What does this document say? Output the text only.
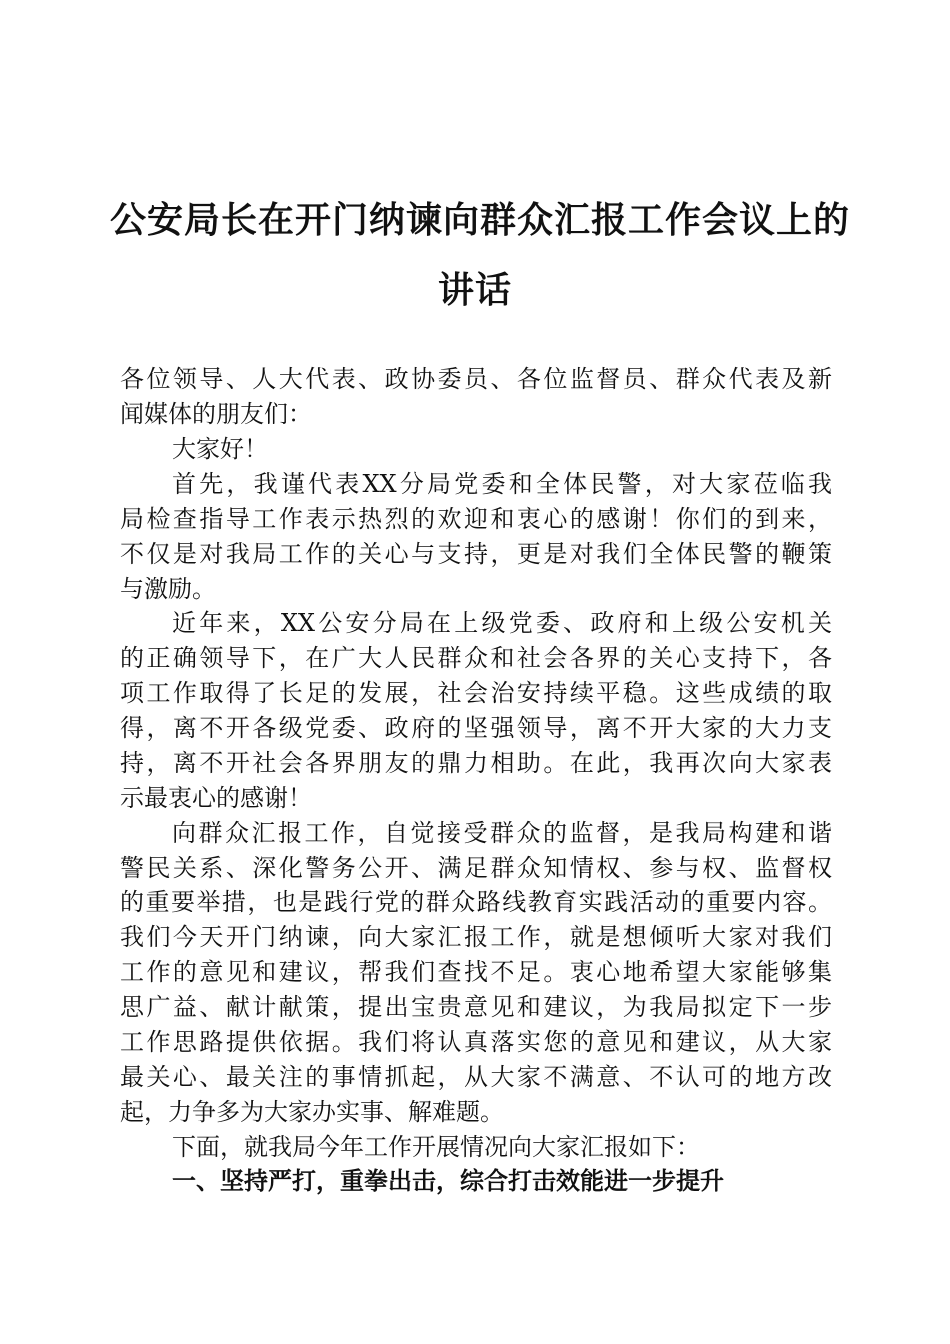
公安局长在开门纳谏向群众汇报工作会议上的
讲话
各位领导、人大代表、政协委员、各位监督员、群众代表及新
闻媒体的朋友们：
大家好！
首先，我谨代表XX分局党委和全体民警，对大家莅临我
局检查指导工作表示热烈的欢迎和衷心的感谢！你们的到来，
不仅是对我局工作的关心与支持，更是对我们全体民警的鞭策
与激励。
近年来，XX公安分局在上级党委、政府和上级公安机关
的正确领导下，在广大人民群众和社会各界的关心支持下，各
项工作取得了长足的发展，社会治安持续平稳。这些成绩的取
得，离不开各级党委、政府的坚强领导，离不开大家的大力支
持，离不开社会各界朋友的鼎力相助。在此，我再次向大家表
示最衷心的感谢！
向群众汇报工作，自觉接受群众的监督，是我局构建和谐
警民关系、深化警务公开、满足群众知情权、参与权、监督权
的重要举措，也是践行党的群众路线教育实践活动的重要内容。
我们今天开门纳谏，向大家汇报工作，就是想倾听大家对我们
工作的意见和建议，帮我们查找不足。衷心地希望大家能够集
思广益、献计献策，提出宝贵意见和建议，为我局拟定下一步
工作思路提供依据。我们将认真落实您的意见和建议，从大家
最关心、最关注的事情抓起，从大家不满意、不认可的地方改
起，力争多为大家办实事、解难题。
下面，就我局今年工作开展情况向大家汇报如下：
一、坚持严打，重拳出击，综合打击效能进一步提升
